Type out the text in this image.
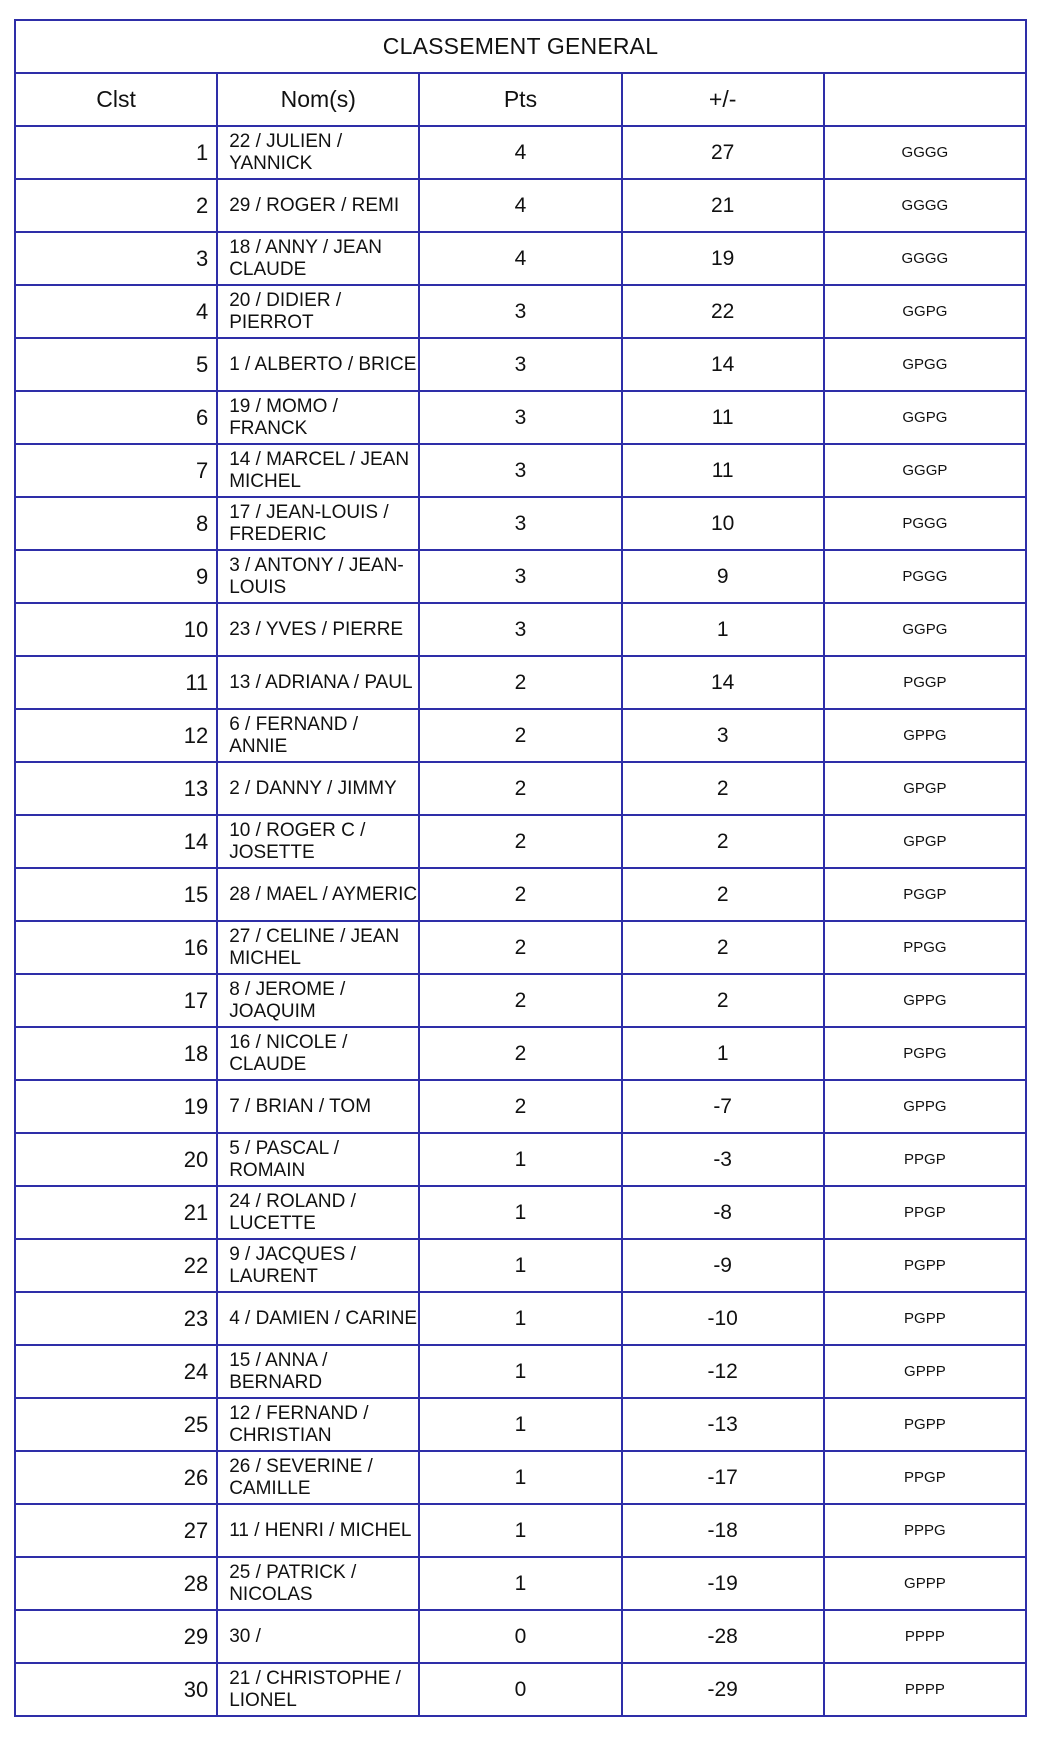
CLASSEMENT GENERAL				
Clst	Nom(s)	Pts	+/-	
1	22 / JULIEN / YANNICK	4	27	GGGG
2	29 / ROGER / REMI	4	21	GGGG
3	18 / ANNY / JEAN CLAUDE	4	19	GGGG
4	20 / DIDIER / PIERROT	3	22	GGPG
5	1 / ALBERTO / BRICE	3	14	GPGG
6	19 / MOMO / FRANCK	3	11	GGPG
7	14 / MARCEL / JEAN MICHEL	3	11	GGGP
8	17 / JEAN-LOUIS / FREDERIC	3	10	PGGG
9	3 / ANTONY / JEAN-LOUIS	3	9	PGGG
10	23 / YVES / PIERRE	3	1	GGPG
11	13 / ADRIANA / PAUL	2	14	PGGP
12	6 / FERNAND / ANNIE	2	3	GPPG
13	2 / DANNY / JIMMY	2	2	GPGP
14	10 / ROGER C / JOSETTE	2	2	GPGP
15	28 / MAEL / AYMERIC	2	2	PGGP
16	27 / CELINE / JEAN MICHEL	2	2	PPGG
17	8 / JEROME / JOAQUIM	2	2	GPPG
18	16 / NICOLE / CLAUDE	2	1	PGPG
19	7 / BRIAN / TOM	2	-7	GPPG
20	5 / PASCAL / ROMAIN	1	-3	PPGP
21	24 / ROLAND / LUCETTE	1	-8	PPGP
22	9 / JACQUES / LAURENT	1	-9	PGPP
23	4 / DAMIEN / CARINE	1	-10	PGPP
24	15 / ANNA / BERNARD	1	-12	GPPP
25	12 / FERNAND / CHRISTIAN	1	-13	PGPP
26	26 / SEVERINE / CAMILLE	1	-17	PPGP
27	11 / HENRI / MICHEL	1	-18	PPPG
28	25 / PATRICK / NICOLAS	1	-19	GPPP
29	30 /	0	-28	PPPP
30	21 / CHRISTOPHE / LIONEL	0	-29	PPPP
